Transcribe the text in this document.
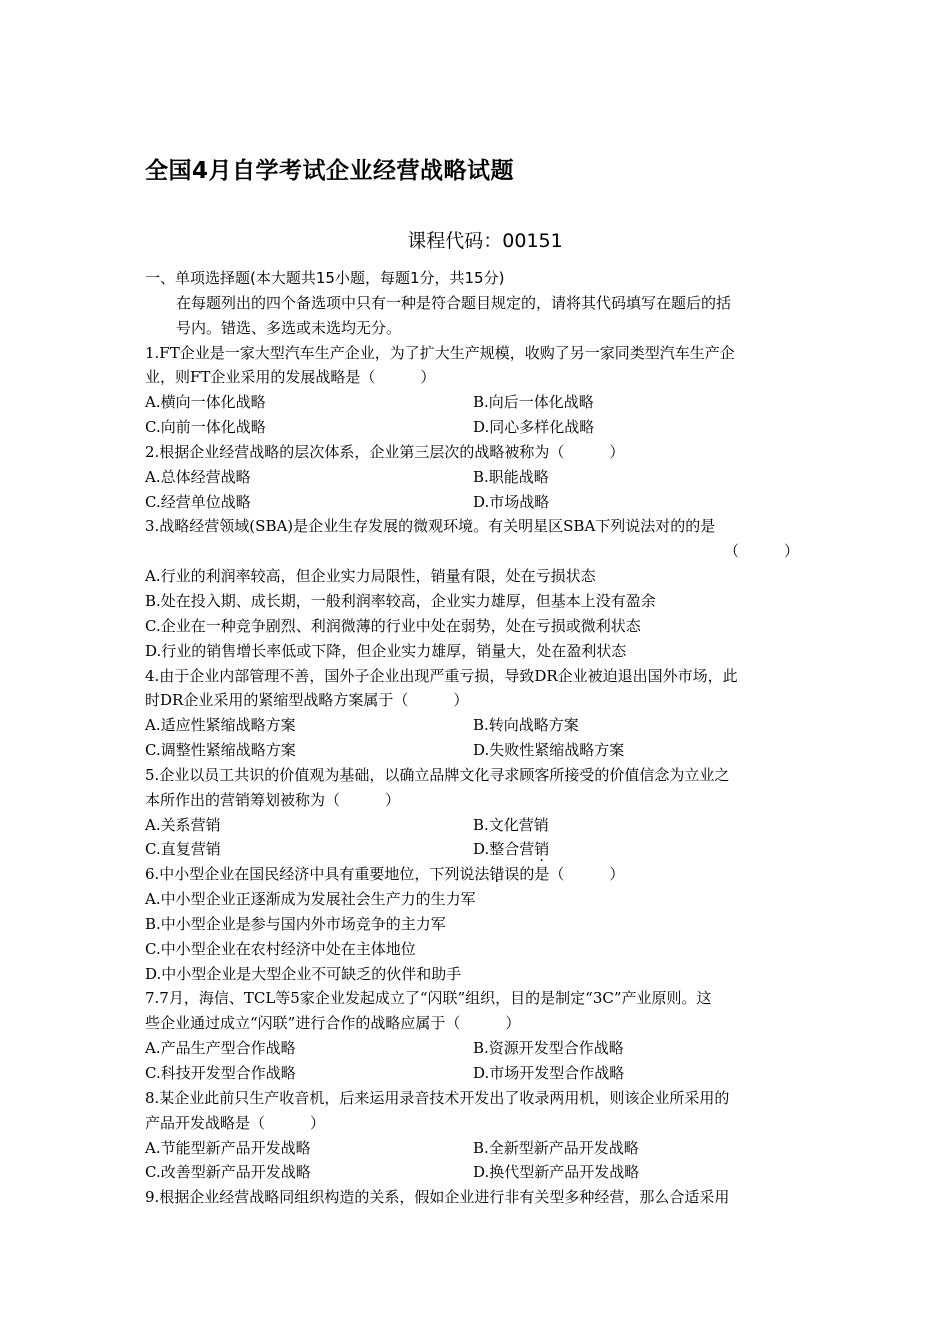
全国4月自学考试企业经营战略试题
课程代码：00151
一、单项选择题(本大题共15小题，每题1分，共15分)
在每题列出的四个备选项中只有一种是符合题目规定的，请将其代码填写在题后的括
号内。错选、多选或未选均无分。
1.FT企业是一家大型汽车生产企业，为了扩大生产规模，收购了另一家同类型汽车生产企
业，则FT企业采用的发展战略是（　　　）
A.横向一体化战略	B.向后一体化战略
C.向前一体化战略	D.同心多样化战略
2.根据企业经营战略的层次体系，企业第三层次的战略被称为（　　　）
A.总体经营战略	B.职能战略
C.经营单位战略	D.市场战略
3.战略经营领域(SBA)是企业生存发展的微观环境。有关明星区SBA下列说法对的的是
（　　　）
A.行业的利润率较高，但企业实力局限性，销量有限，处在亏损状态
B.处在投入期、成长期，一般利润率较高，企业实力雄厚，但基本上没有盈余
C.企业在一种竞争剧烈、利润微薄的行业中处在弱势，处在亏损或微利状态
D.行业的销售增长率低或下降，但企业实力雄厚，销量大，处在盈利状态
4.由于企业内部管理不善，国外子企业出现严重亏损，导致DR企业被迫退出国外市场，此
时DR企业采用的紧缩型战略方案属于（　　　）
A.适应性紧缩战略方案	B.转向战略方案
C.调整性紧缩战略方案	D.失败性紧缩战略方案
5.企业以员工共识的价值观为基础，以确立品牌文化寻求顾客所接受的价值信念为立业之
本所作出的营销筹划被称为（　　　）
A.关系营销	B.文化营销
C.直复营销	D.整合营销
6.中小型企业在国民经济中具有重要地位，下列说法错误的是（　　　）
A.中小型企业正逐渐成为发展社会生产力的生力军
B.中小型企业是参与国内外市场竞争的主力军
C.中小型企业在农村经济中处在主体地位
D.中小型企业是大型企业不可缺乏的伙伴和助手
7.7月，海信、TCL等5家企业发起成立了“闪联”组织，目的是制定“3C”产业原则。这
些企业通过成立“闪联”进行合作的战略应属于（　　　）
A.产品生产型合作战略	B.资源开发型合作战略
C.科技开发型合作战略	D.市场开发型合作战略
8.某企业此前只生产收音机，后来运用录音技术开发出了收录两用机，则该企业所采用的
产品开发战略是（　　　）
A.节能型新产品开发战略	B.全新型新产品开发战略
C.改善型新产品开发战略	D.换代型新产品开发战略
9.根据企业经营战略同组织构造的关系，假如企业进行非有关型多种经营，那么合适采用
